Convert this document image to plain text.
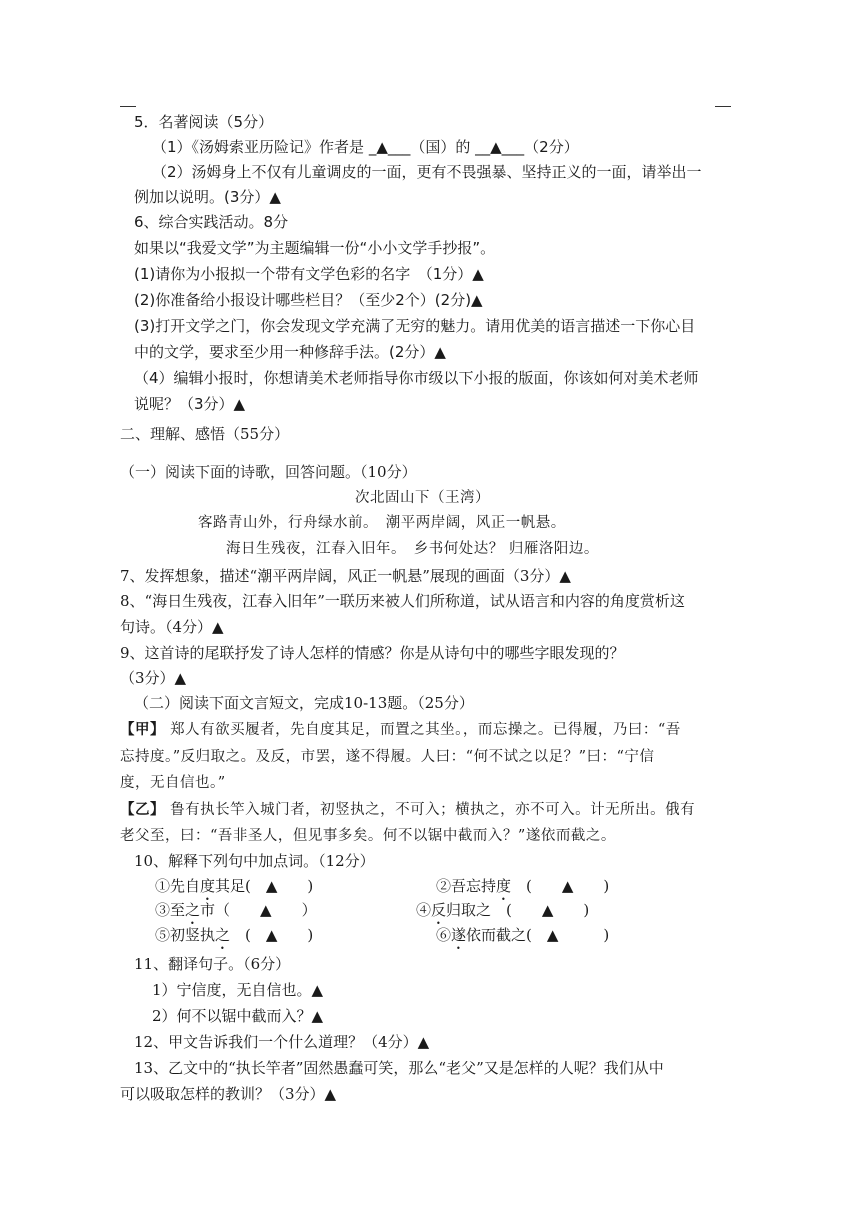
5．名著阅读（5分）
（1）《汤姆索亚历险记》作者是 _▲___（国）的 __▲___（2分）
（2）汤姆身上不仅有儿童调皮的一面，更有不畏强暴、坚持正义的一面，请举出一
例加以说明。(3分）▲
6、综合实践活动。8分
如果以“我爱文学”为主题编辑一份“小小文学手抄报”。
(1)请你为小报拟一个带有文学色彩的名字　（1分）▲
(2)你准备给小报设计哪些栏目？（至少2个）(2分)▲
(3)打开文学之门，你会发现文学充满了无穷的魅力。请用优美的语言描述一下你心目
中的文学，要求至少用一种修辞手法。(2分）▲
（4）编辑小报时，你想请美术老师指导你市级以下小报的版面，你该如何对美术老师
说呢？（3分）▲
二、理解、感悟（55分）
（一）阅读下面的诗歌，回答问题。（10分）
次北固山下（王湾）
客路青山外，行舟绿水前。　潮平两岸阔，风正一帆悬。
海日生残夜，江春入旧年。　乡书何处达？ 归雁洛阳边。
7、发挥想象，描述“潮平两岸阔，风正一帆悬”展现的画面（3分）▲
8、“海日生残夜，江春入旧年”一联历来被人们所称道，试从语言和内容的角度赏析这
句诗。（4分）▲
9、这首诗的尾联抒发了诗人怎样的情感？你是从诗句中的哪些字眼发现的？
（3分）▲
（二）阅读下面文言短文，完成10-13题。（25分）
【甲】 郑人有欲买履者，先自度其足，而置之其坐。，而忘操之。已得履，乃曰：“吾
忘持度。”反归取之。及反，市罢，遂不得履。人曰：“何不试之以足？”曰：“宁信
度，无自信也。”
【乙】 鲁有执长竿入城门者，初竖执之，不可入；横执之，亦不可入。计无所出。俄有
老父至，曰：“吾非圣人，但见事多矣。何不以锯中截而入？”遂依而截之。
10、解释下列句中加点词。（12分）
①先自度其足(　▲　　)	②吾忘持度　(　　▲　　)
③至之市（　　▲　　）	④反归取之　(　　▲　　)
⑤初竖执之　(　▲　　)	⑥遂依而截之(　▲　　　)
11、翻译句子。（6分）
1）宁信度，无自信也。▲
2）何不以锯中截而入？▲
12、甲文告诉我们一个什么道理？（4分）▲
13、乙文中的“执长竿者”固然愚蠢可笑，那么“老父”又是怎样的人呢？我们从中
可以吸取怎样的教训？（3分）▲
